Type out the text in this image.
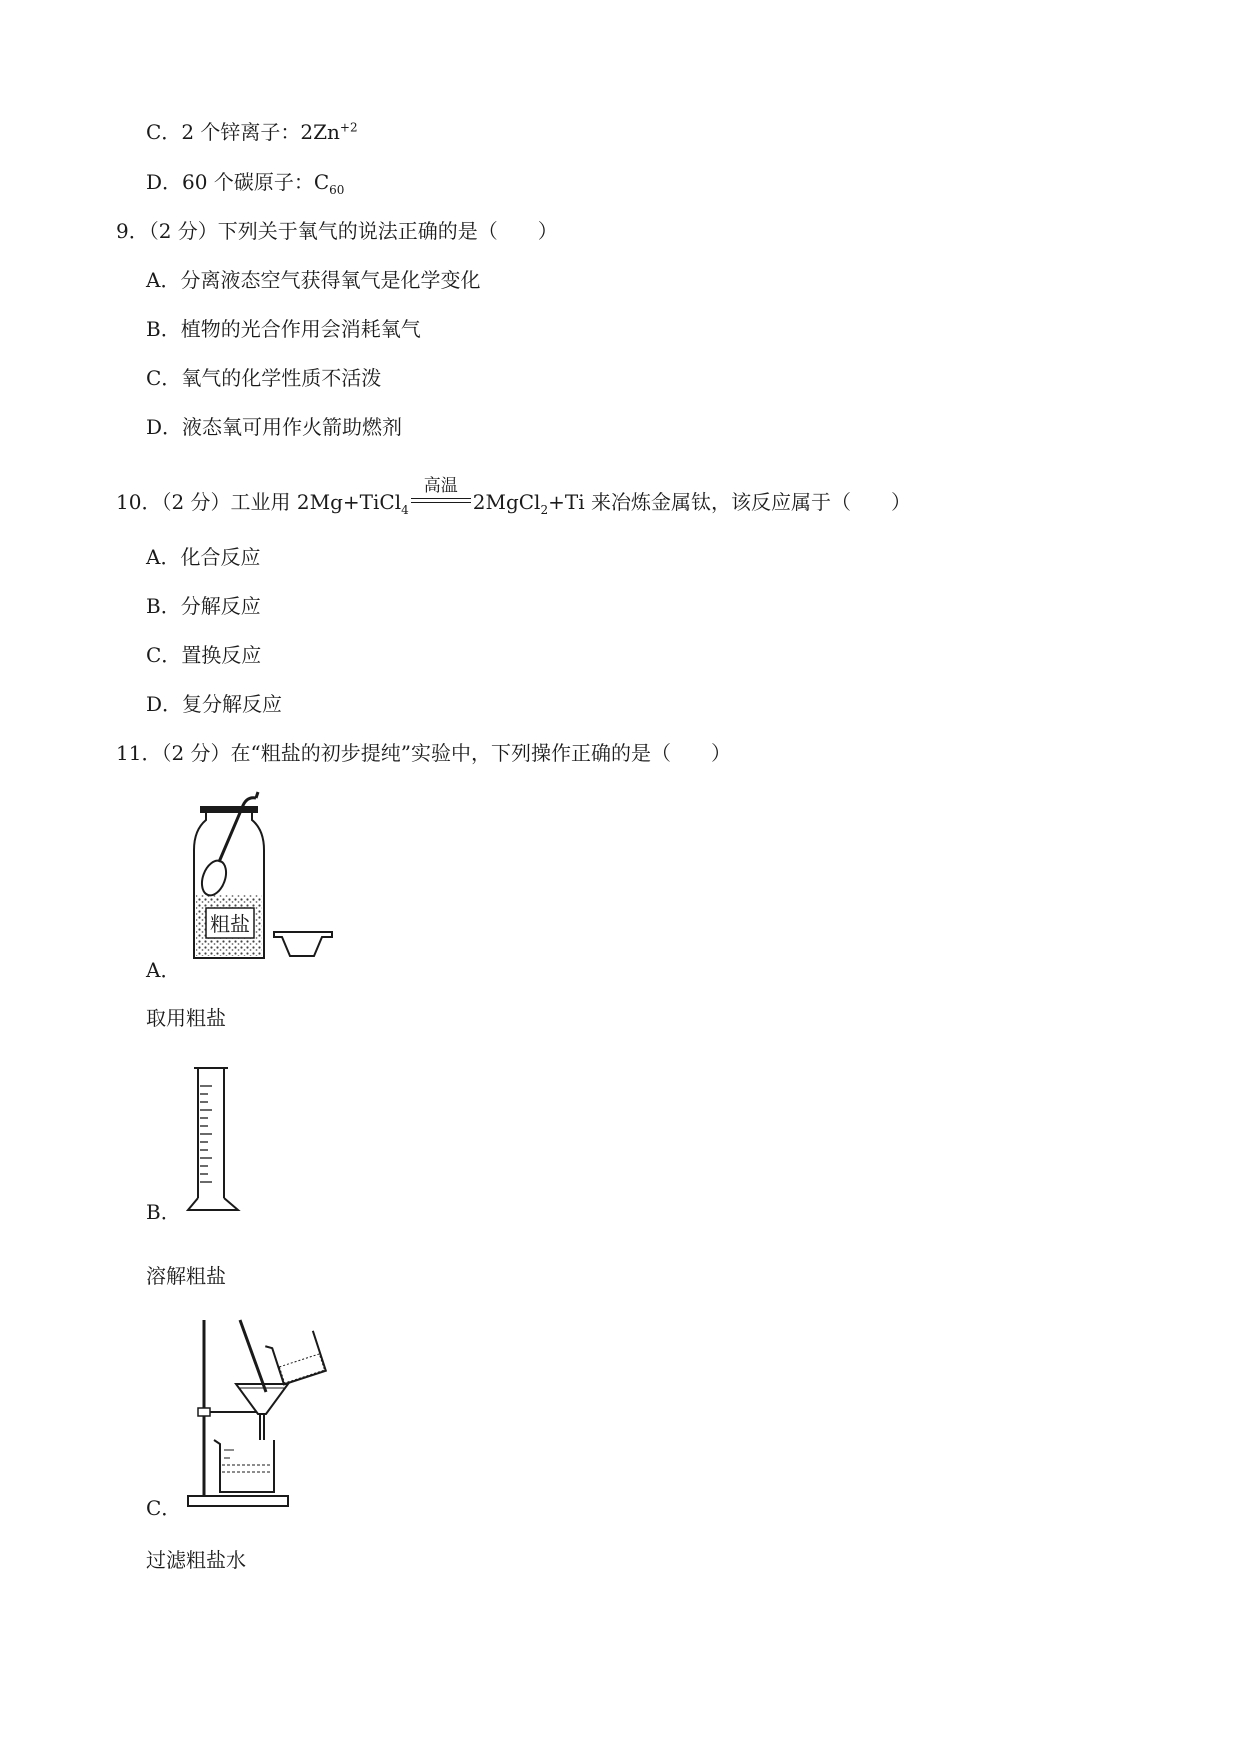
C．2 个锌离子：$2Zn^{+2}$
D．60 个碳原子：$C_{60}$
9．（2 分）下列关于氧气的说法正确的是（　　）
A．分离液态空气获得氧气是化学变化
B．植物的光合作用会消耗氧气
C．氧气的化学性质不活泼
D．液态氧可用作火箭助燃剂
10．（2 分）工业用 2Mg+TiCl$_4$
高温
2MgCl$_2$+Ti 来冶炼金属钛，该反应属于（　　）
A．化合反应
B．分解反应
C．置换反应
D．复分解反应
11．（2 分）在“粗盐的初步提纯”实验中，下列操作正确的是（　　）
粗盐
A．
取用粗盐
B．
溶解粗盐
C．
过滤粗盐水
